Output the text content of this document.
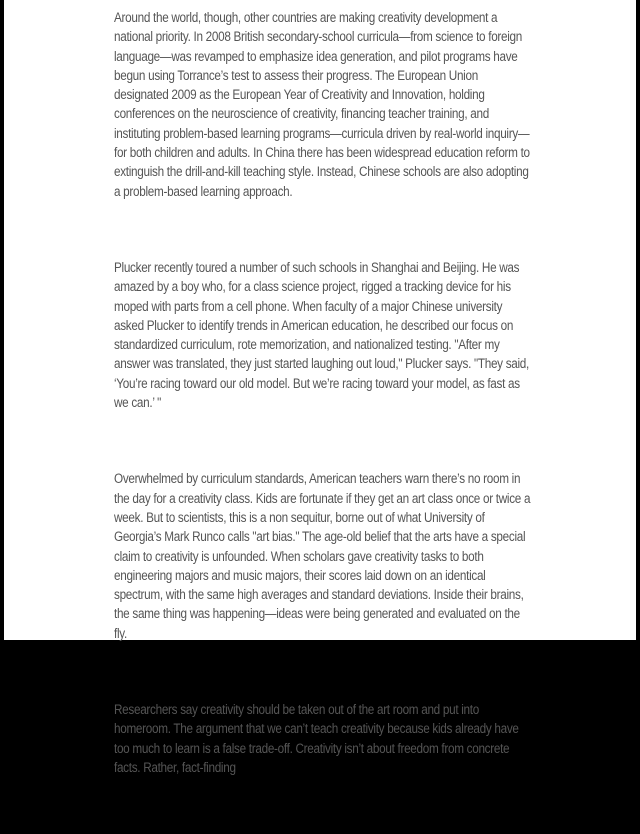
Around the world, though, other countries are making creativity development a national priority. In 2008 British secondary-school curricula—from science to foreign language—was revamped to emphasize idea generation, and pilot programs have begun using Torrance’s test to assess their progress. The European Union designated 2009 as the European Year of Creativity and Innovation, holding conferences on the neuroscience of creativity, financing teacher training, and instituting problem-based learning programs—curricula driven by real-world inquiry—for both children and adults. In China there has been widespread education reform to extinguish the drill-and-kill teaching style. Instead, Chinese schools are also adopting a problem-based learning approach.

Plucker recently toured a number of such schools in Shanghai and Beijing. He was amazed by a boy who, for a class science project, rigged a tracking device for his moped with parts from a cell phone. When faculty of a major Chinese university asked Plucker to identify trends in American education, he described our focus on standardized curriculum, rote memorization, and nationalized testing. "After my answer was translated, they just started laughing out loud," Plucker says. "They said, ‘You’re racing toward our old model. But we’re racing toward your model, as fast as we can.’ "

Overwhelmed by curriculum standards, American teachers warn there’s no room in the day for a creativity class. Kids are fortunate if they get an art class once or twice a week. But to scientists, this is a non sequitur, borne out of what University of Georgia’s Mark Runco calls "art bias." The age-old belief that the arts have a special claim to creativity is unfounded. When scholars gave creativity tasks to both engineering majors and music majors, their scores laid down on an identical spectrum, with the same high averages and standard deviations. Inside their brains, the same thing was happening—ideas were being generated and evaluated on the fly.

Researchers say creativity should be taken out of the art room and put into homeroom. The argument that we can’t teach creativity because kids already have too much to learn is a false trade-off. Creativity isn’t about freedom from concrete facts. Rather, fact-finding
